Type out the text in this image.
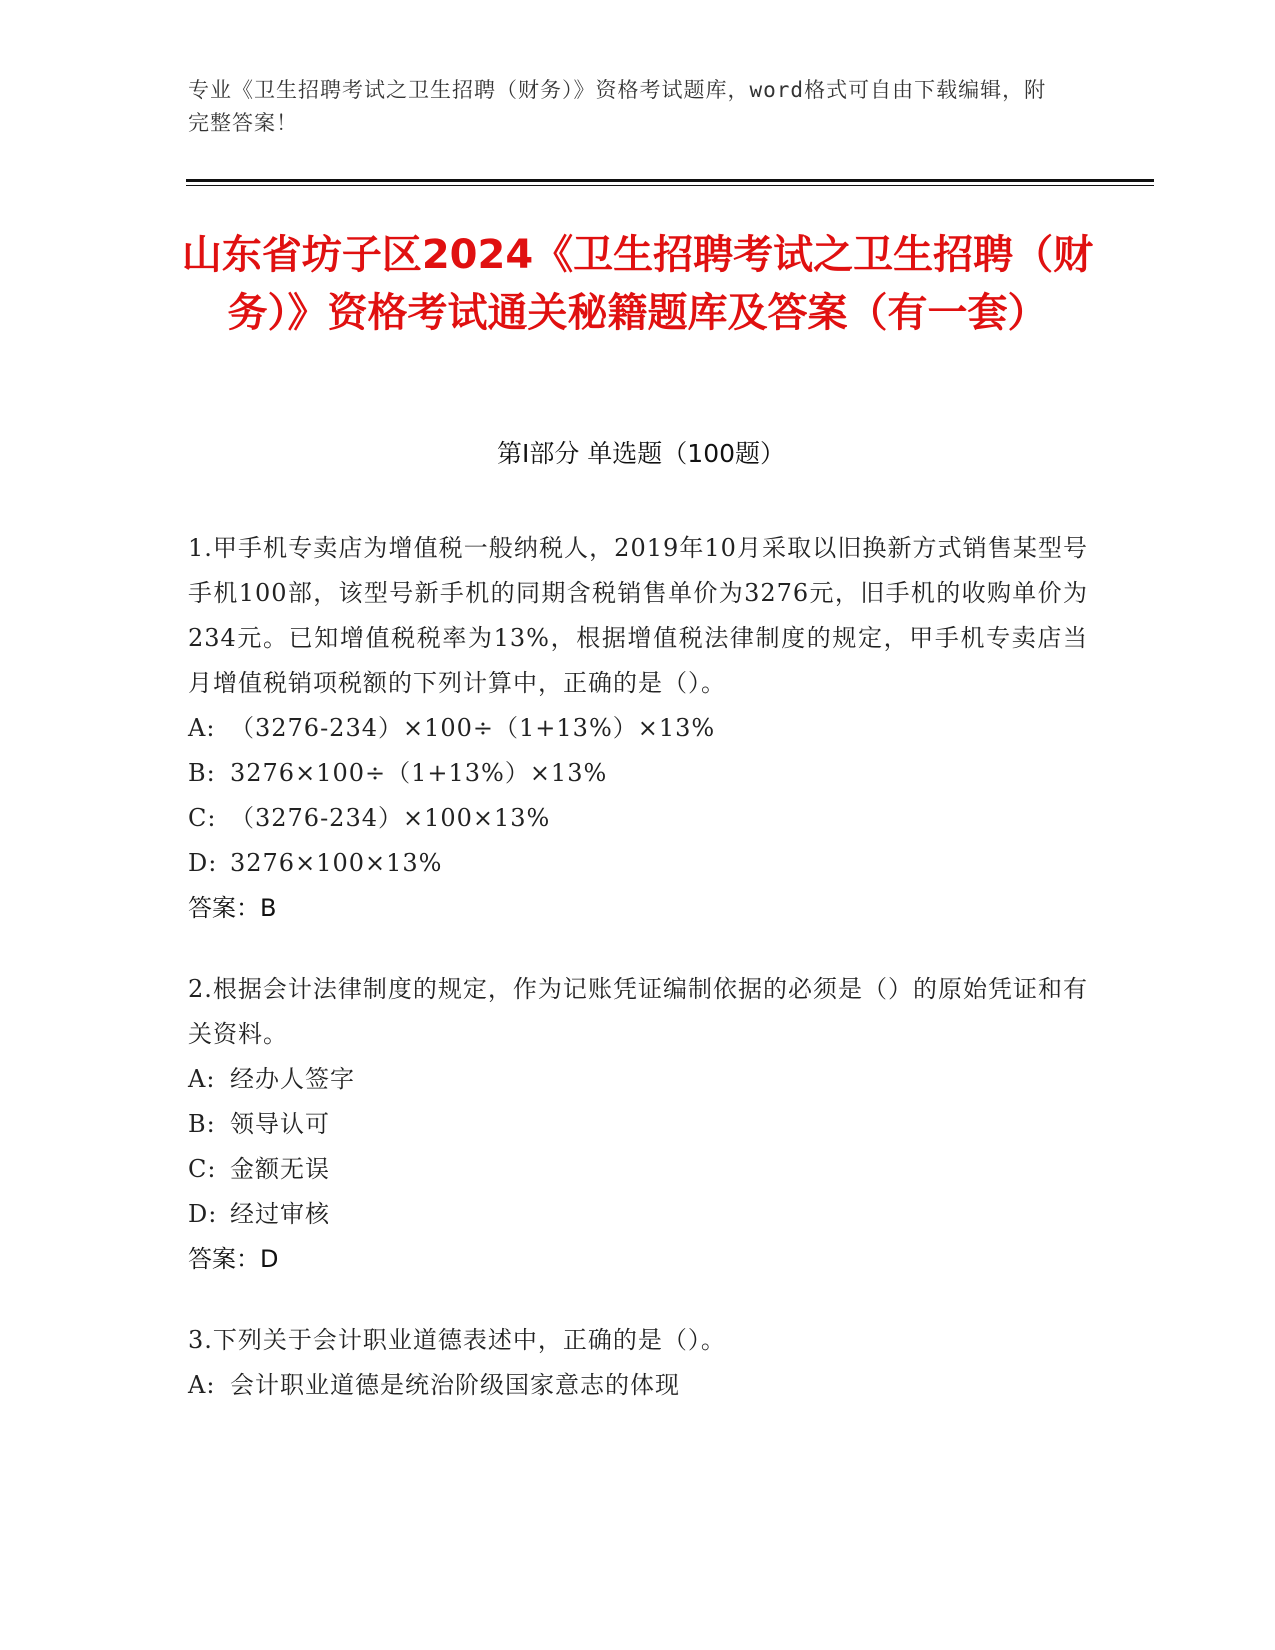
专业《卫生招聘考试之卫生招聘（财务）》资格考试题库，word格式可自由下载编辑，附完整答案！
山东省坊子区2024《卫生招聘考试之卫生招聘（财务）》资格考试通关秘籍题库及答案（有一套）
第Ⅰ部分 单选题（100题）
1.甲手机专卖店为增值税一般纳税人，2019年10月采取以旧换新方式销售某型号手机100部，该型号新手机的同期含税销售单价为3276元，旧手机的收购单价为234元。已知增值税税率为13%，根据增值税法律制度的规定，甲手机专卖店当月增值税销项税额的下列计算中，正确的是（）。
A: （3276-234）×100÷（1+13%）×13%
B: 3276×100÷（1+13%）×13%
C: （3276-234）×100×13%
D: 3276×100×13%
答案：B
2.根据会计法律制度的规定，作为记账凭证编制依据的必须是（）的原始凭证和有关资料。
A: 经办人签字
B: 领导认可
C: 金额无误
D: 经过审核
答案：D
3.下列关于会计职业道德表述中，正确的是（）。
A: 会计职业道德是统治阶级国家意志的体现
